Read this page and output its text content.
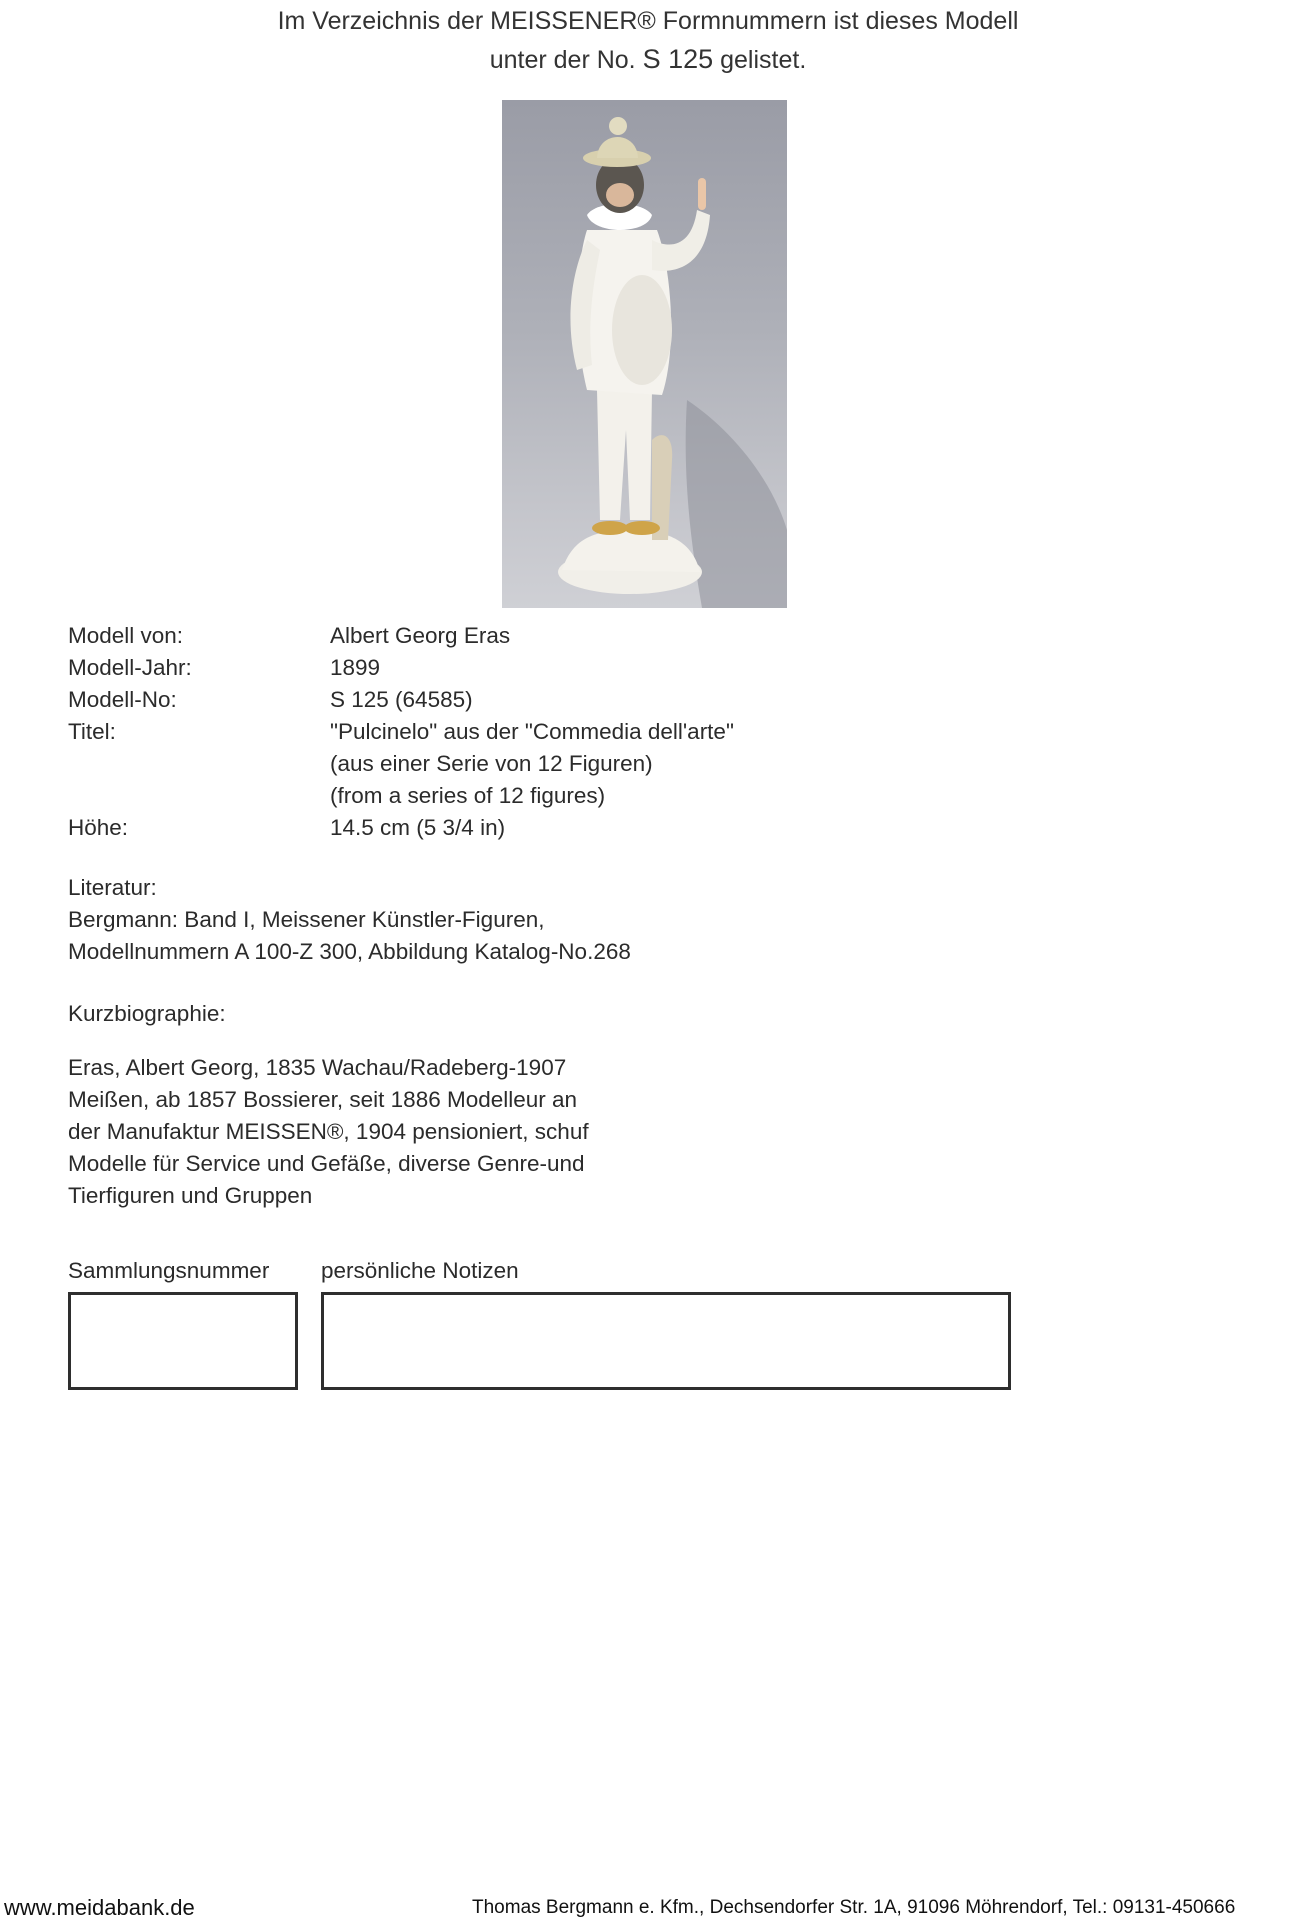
Im Verzeichnis der MEISSENER® Formnummern ist dieses Modell
unter der No. S 125 gelistet.
Modell von:	Albert Georg Eras
Modell-Jahr:	1899
Modell-No:	S 125 (64585)
Titel:	"Pulcinelo" aus der "Commedia dell'arte"
(aus einer Serie von 12 Figuren)
(from a series of 12 figures)
Höhe:	14.5 cm (5 3/4 in)
Literatur:
Bergmann: Band I, Meissener Künstler-Figuren,
Modellnummern A 100-Z 300, Abbildung Katalog-No.268
Kurzbiographie:
Eras, Albert Georg, 1835 Wachau/Radeberg-1907
Meißen, ab 1857 Bossierer, seit 1886 Modelleur an
der Manufaktur MEISSEN®, 1904 pensioniert, schuf
Modelle für Service und Gefäße, diverse Genre-und
Tierfiguren und Gruppen
Sammlungsnummer persönliche Notizen
www.meidabank.de	Thomas Bergmann e. Kfm., Dechsendorfer Str. 1A, 91096 Möhrendorf, Tel.: 09131-450666
